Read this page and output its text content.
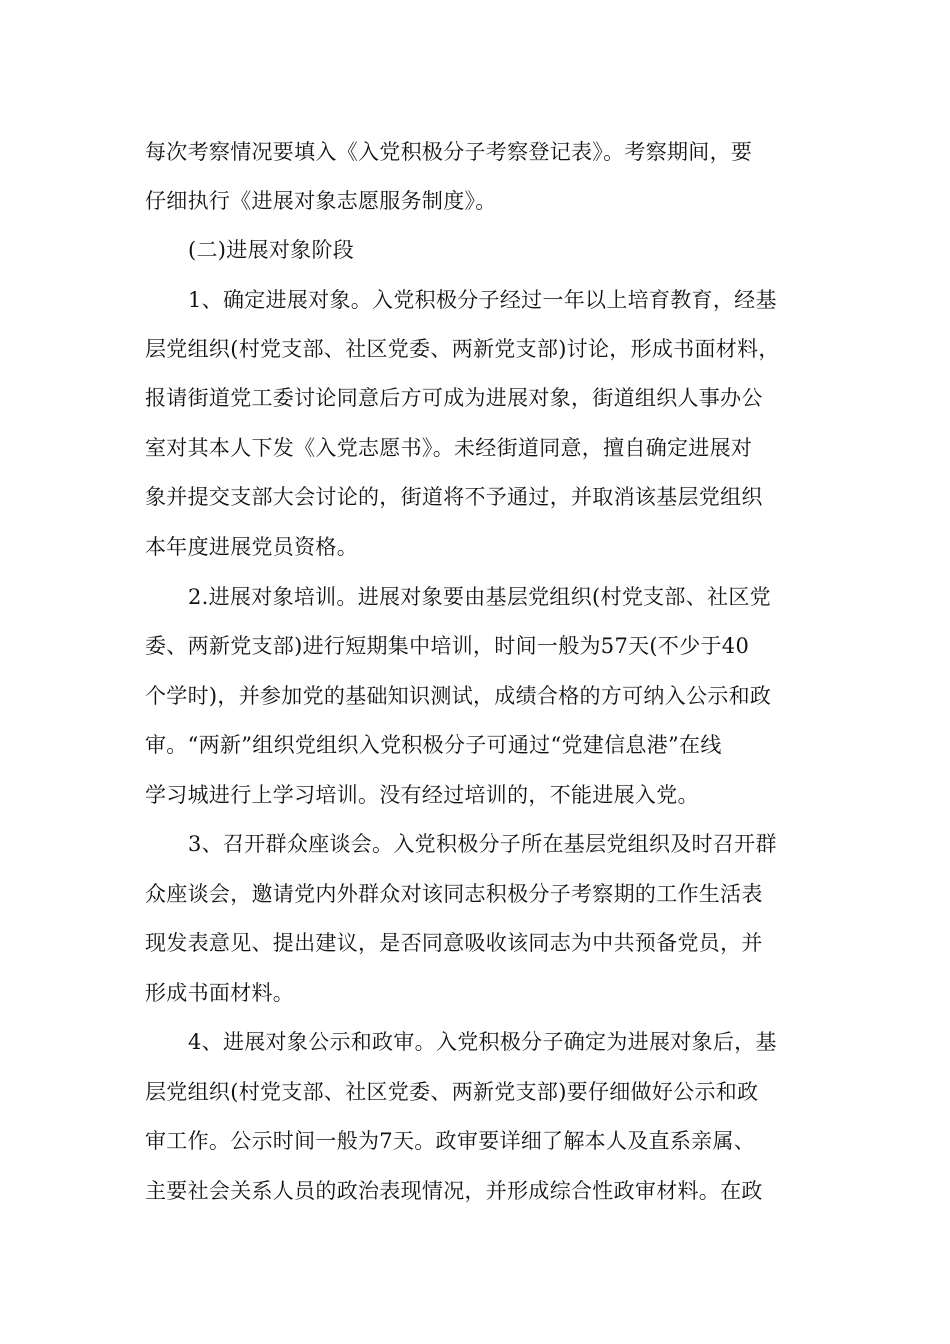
每次考察情况要填入《入党积极分子考察登记表》。考察期间，要
仔细执行《进展对象志愿服务制度》。
(二)进展对象阶段
1、确定进展对象。入党积极分子经过一年以上培育教育，经基
层党组织(村党支部、社区党委、两新党支部)讨论，形成书面材料，
报请街道党工委讨论同意后方可成为进展对象，街道组织人事办公
室对其本人下发《入党志愿书》。未经街道同意，擅自确定进展对
象并提交支部大会讨论的，街道将不予通过，并取消该基层党组织
本年度进展党员资格。
2.进展对象培训。进展对象要由基层党组织(村党支部、社区党
委、两新党支部)进行短期集中培训，时间一般为57天(不少于40
个学时)，并参加党的基础知识测试，成绩合格的方可纳入公示和政
审。“两新”组织党组织入党积极分子可通过“党建信息港”在线
学习城进行上学习培训。没有经过培训的，不能进展入党。
3、召开群众座谈会。入党积极分子所在基层党组织及时召开群
众座谈会，邀请党内外群众对该同志积极分子考察期的工作生活表
现发表意见、提出建议，是否同意吸收该同志为中共预备党员，并
形成书面材料。
4、进展对象公示和政审。入党积极分子确定为进展对象后，基
层党组织(村党支部、社区党委、两新党支部)要仔细做好公示和政
审工作。公示时间一般为7天。政审要详细了解本人及直系亲属、
主要社会关系人员的政治表现情况，并形成综合性政审材料。在政
